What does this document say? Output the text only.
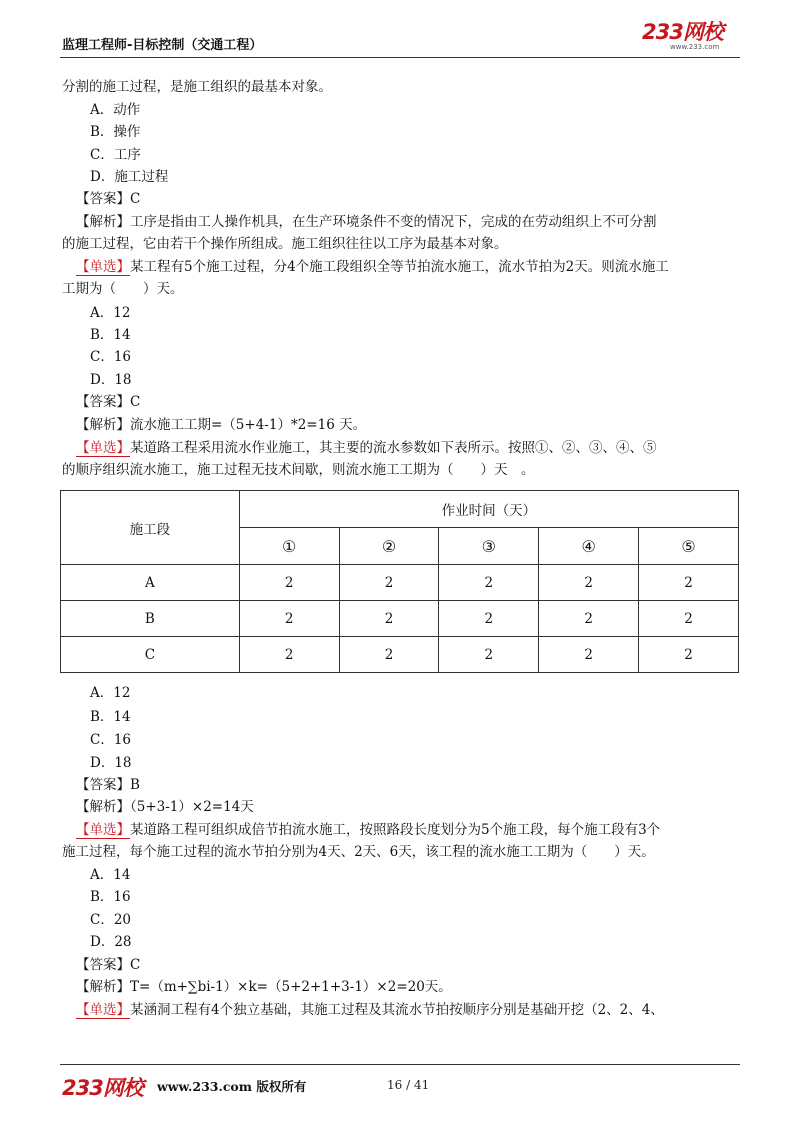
监理工程师-目标控制（交通工程）
233网校
www.233.com
分割的施工过程，是施工组织的最基本对象。
A．动作
B．操作
C．工序
D．施工过程
【答案】C
【解析】工序是指由工人操作机具，在生产环境条件不变的情况下，完成的在劳动组织上不可分割
的施工过程，它由若干个操作所组成。施工组织往往以工序为最基本对象。
【单选】某工程有5个施工过程，分4个施工段组织全等节拍流水施工，流水节拍为2天。则流水施工
工期为（　　）天。
A．12
B．14
C．16
D．18
【答案】C
【解析】流水施工工期=（5+4-1）*2=16 天。
【单选】某道路工程采用流水作业施工，其主要的流水参数如下表所示。按照①、②、③、④、⑤
的顺序组织流水施工，施工过程无技术间歇，则流水施工工期为（　　）天　。
施工段	作业时间（天）				
	①	②	③	④	⑤
A	2	2	2	2	2
B	2	2	2	2	2
C	2	2	2	2	2
A．12
B．14
C．16
D．18
【答案】B
【解析】（5+3-1）×2=14天
【单选】某道路工程可组织成倍节拍流水施工，按照路段长度划分为5个施工段，每个施工段有3个
施工过程，每个施工过程的流水节拍分别为4天、2天、6天，该工程的流水施工工期为（　　）天。
A．14
B．16
C．20
D．28
【答案】C
【解析】T=（m+∑bi-1）×k=（5+2+1+3-1）×2=20天。
【单选】某涵洞工程有4个独立基础，其施工过程及其流水节拍按顺序分别是基础开挖（2、2、4、
233网校 www.233.com 版权所有	16 / 41
